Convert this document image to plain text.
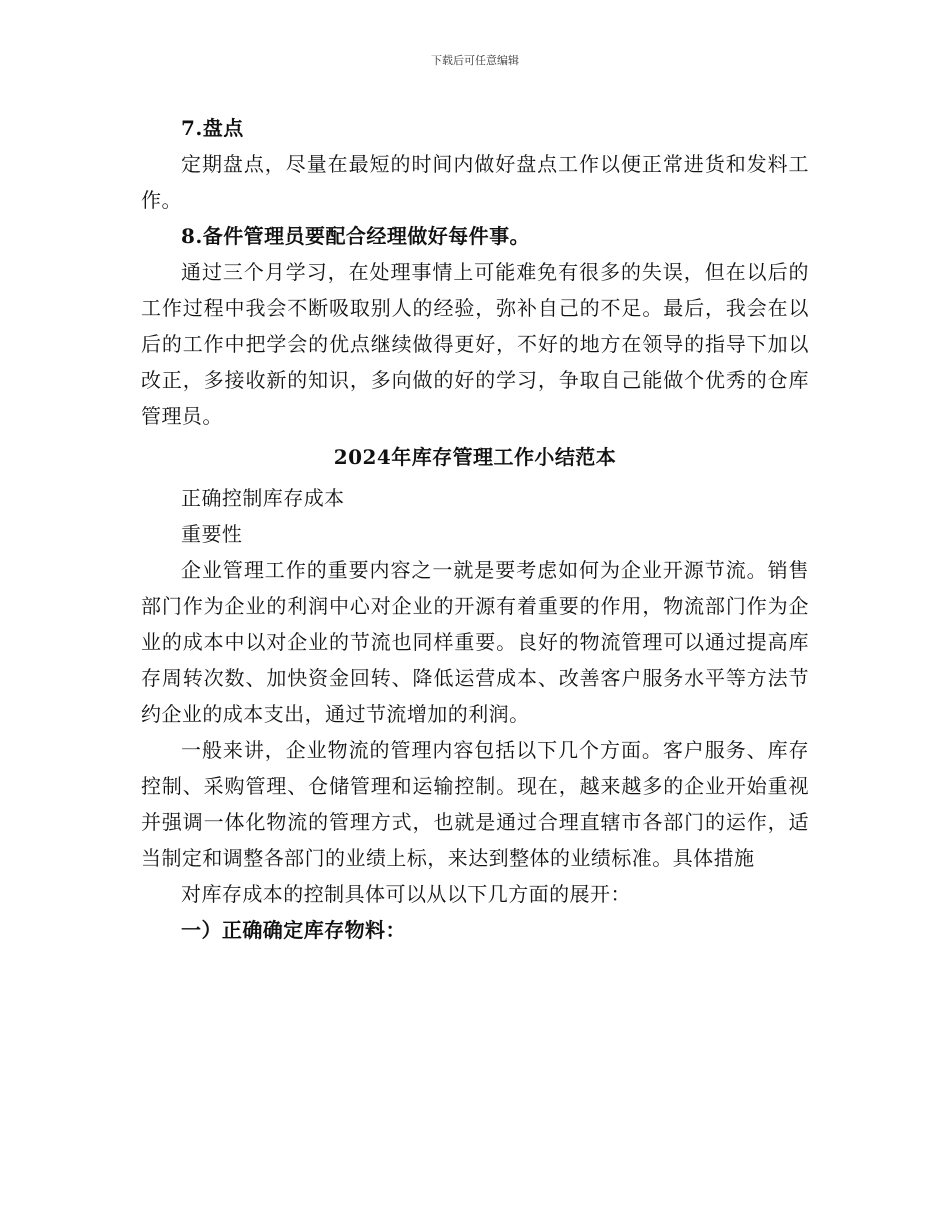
下载后可任意编辑

7.盘点

定期盘点，尽量在最短的时间内做好盘点工作以便正常进货和发料工作。

8.备件管理员要配合经理做好每件事。

通过三个月学习，在处理事情上可能难免有很多的失误，但在以后的工作过程中我会不断吸取别人的经验，弥补自己的不足。最后，我会在以后的工作中把学会的优点继续做得更好，不好的地方在领导的指导下加以改正，多接收新的知识，多向做的好的学习，争取自己能做个优秀的仓库管理员。

2024年库存管理工作小结范本

正确控制库存成本

重要性

企业管理工作的重要内容之一就是要考虑如何为企业开源节流。销售部门作为企业的利润中心对企业的开源有着重要的作用，物流部门作为企业的成本中以对企业的节流也同样重要。良好的物流管理可以通过提高库存周转次数、加快资金回转、降低运营成本、改善客户服务水平等方法节约企业的成本支出，通过节流增加的利润。

一般来讲，企业物流的管理内容包括以下几个方面。客户服务、库存控制、采购管理、仓储管理和运输控制。现在，越来越多的企业开始重视并强调一体化物流的管理方式，也就是通过合理直辖市各部门的运作，适当制定和调整各部门的业绩上标，来达到整体的业绩标准。具体措施

对库存成本的控制具体可以从以下几方面的展开：

一）正确确定库存物料：
